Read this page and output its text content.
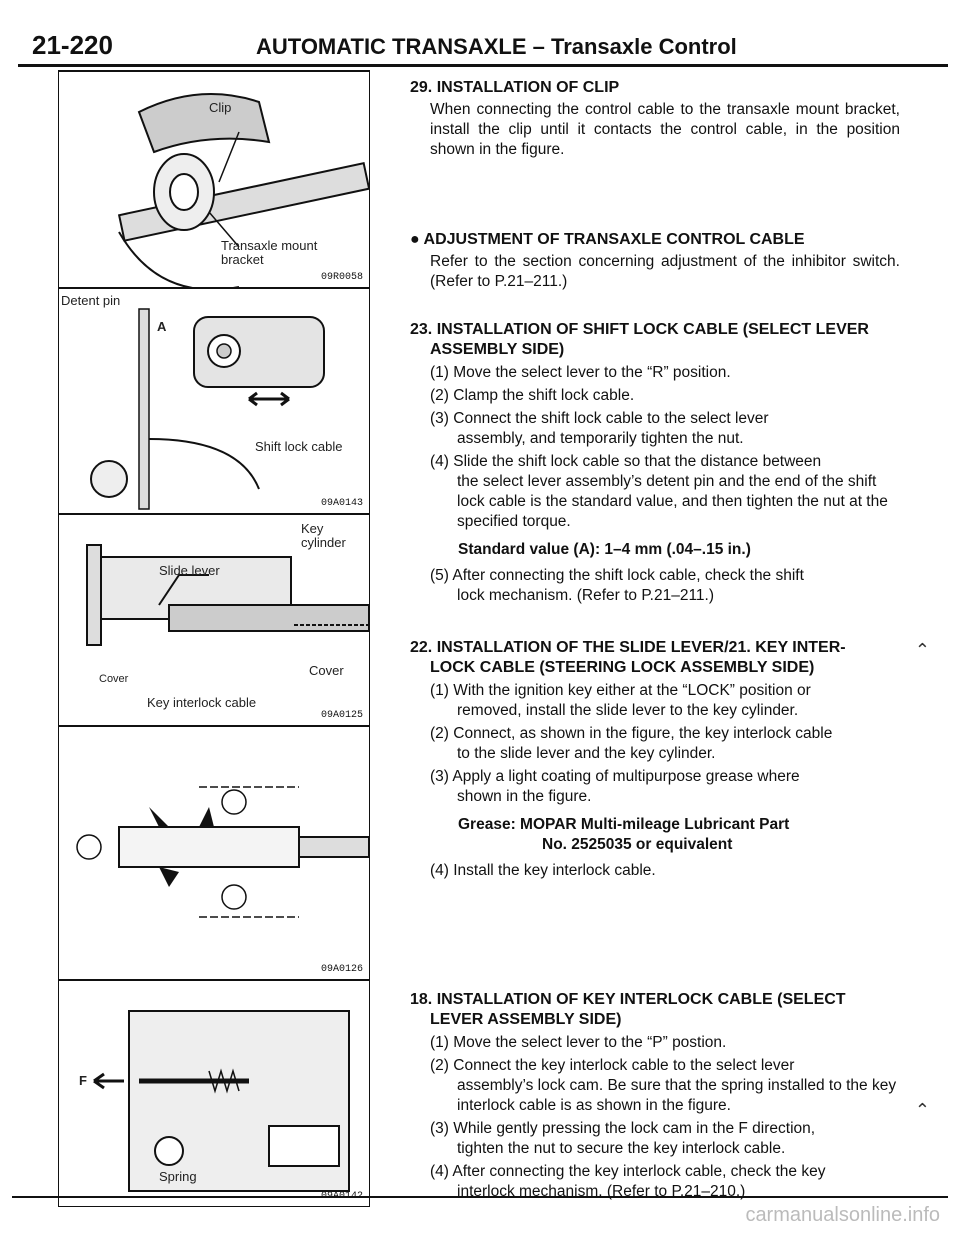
21-220	AUTOMATIC TRANSAXLE – Transaxle Control
Clip
Transaxle mount
bracket
09R0058
Detent pin
A
Shift lock cable
09A0143
Key
cylinder
Slide lever
Cover
Cover
Key interlock cable
09A0125
09A0126
F
Spring
09A0142
29. INSTALLATION OF CLIP
When connecting the control cable to the transaxle mount bracket, install the clip until it contacts the control cable, in the position shown in the figure.
● ADJUSTMENT OF TRANSAXLE CONTROL CABLE
Refer to the section concerning adjustment of the inhibitor switch. (Refer to P.21–211.)
23. INSTALLATION OF SHIFT LOCK CABLE (SELECT LEVER
ASSEMBLY SIDE)
(1) Move the select lever to the “R” position.
(2) Clamp the shift lock cable.
(3) Connect the shift lock cable to the select lever
assembly, and temporarily tighten the nut.
(4) Slide the shift lock cable so that the distance between
the select lever assembly’s detent pin and the end of the shift lock cable is the standard value, and then tighten the nut at the specified torque.
Standard value (A): 1–4 mm (.04–.15 in.)
(5) After connecting the shift lock cable, check the shift
lock mechanism. (Refer to P.21–211.)
⌃
22. INSTALLATION OF THE SLIDE LEVER/21. KEY INTER-
LOCK CABLE (STEERING LOCK ASSEMBLY SIDE)
(1) With the ignition key either at the “LOCK” position or
removed, install the slide lever to the key cylinder.
(2) Connect, as shown in the figure, the key interlock cable
to the slide lever and the key cylinder.
(3) Apply a light coating of multipurpose grease where
shown in the figure.
Grease: MOPAR Multi-mileage Lubricant Part
No. 2525035 or equivalent
(4) Install the key interlock cable.
⌃
18. INSTALLATION OF KEY INTERLOCK CABLE (SELECT
LEVER ASSEMBLY SIDE)
(1) Move the select lever to the “P” postion.
(2) Connect the key interlock cable to the select lever
assembly’s lock cam. Be sure that the spring installed to the key interlock cable is as shown in the figure.
(3) While gently pressing the lock cam in the F direction,
tighten the nut to secure the key interlock cable.
(4) After connecting the key interlock cable, check the key
interlock mechanism. (Refer to P.21–210.)
carmanualsonline.info
